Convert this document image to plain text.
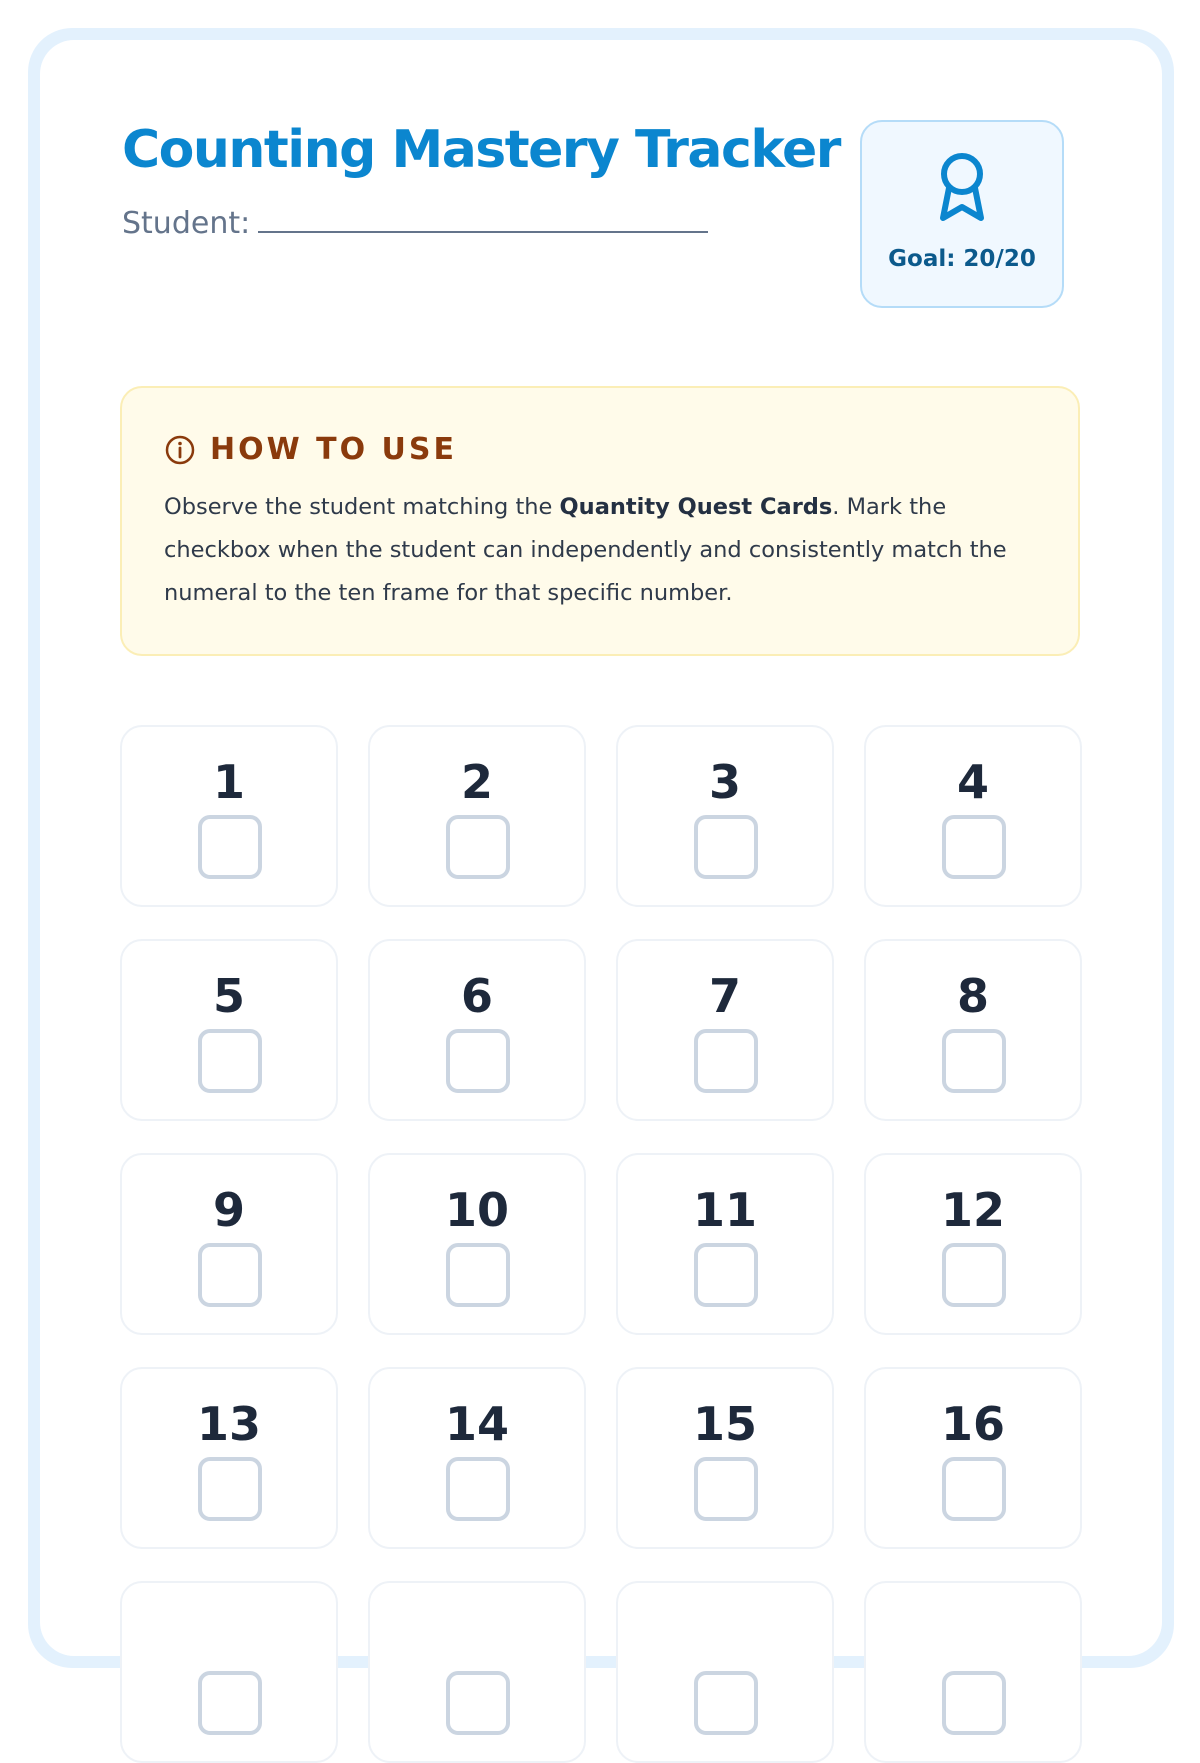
Counting Mastery Tracker
Student:
Goal: 20/20
HOW TO USE

Observe the student matching the Quantity Quest Cards. Mark the checkbox when the student can independently and consistently match the numeral to the ten frame for that specific number.

1	2	3	4
5	6	7	8
9	10	11	12
13	14	15	16
